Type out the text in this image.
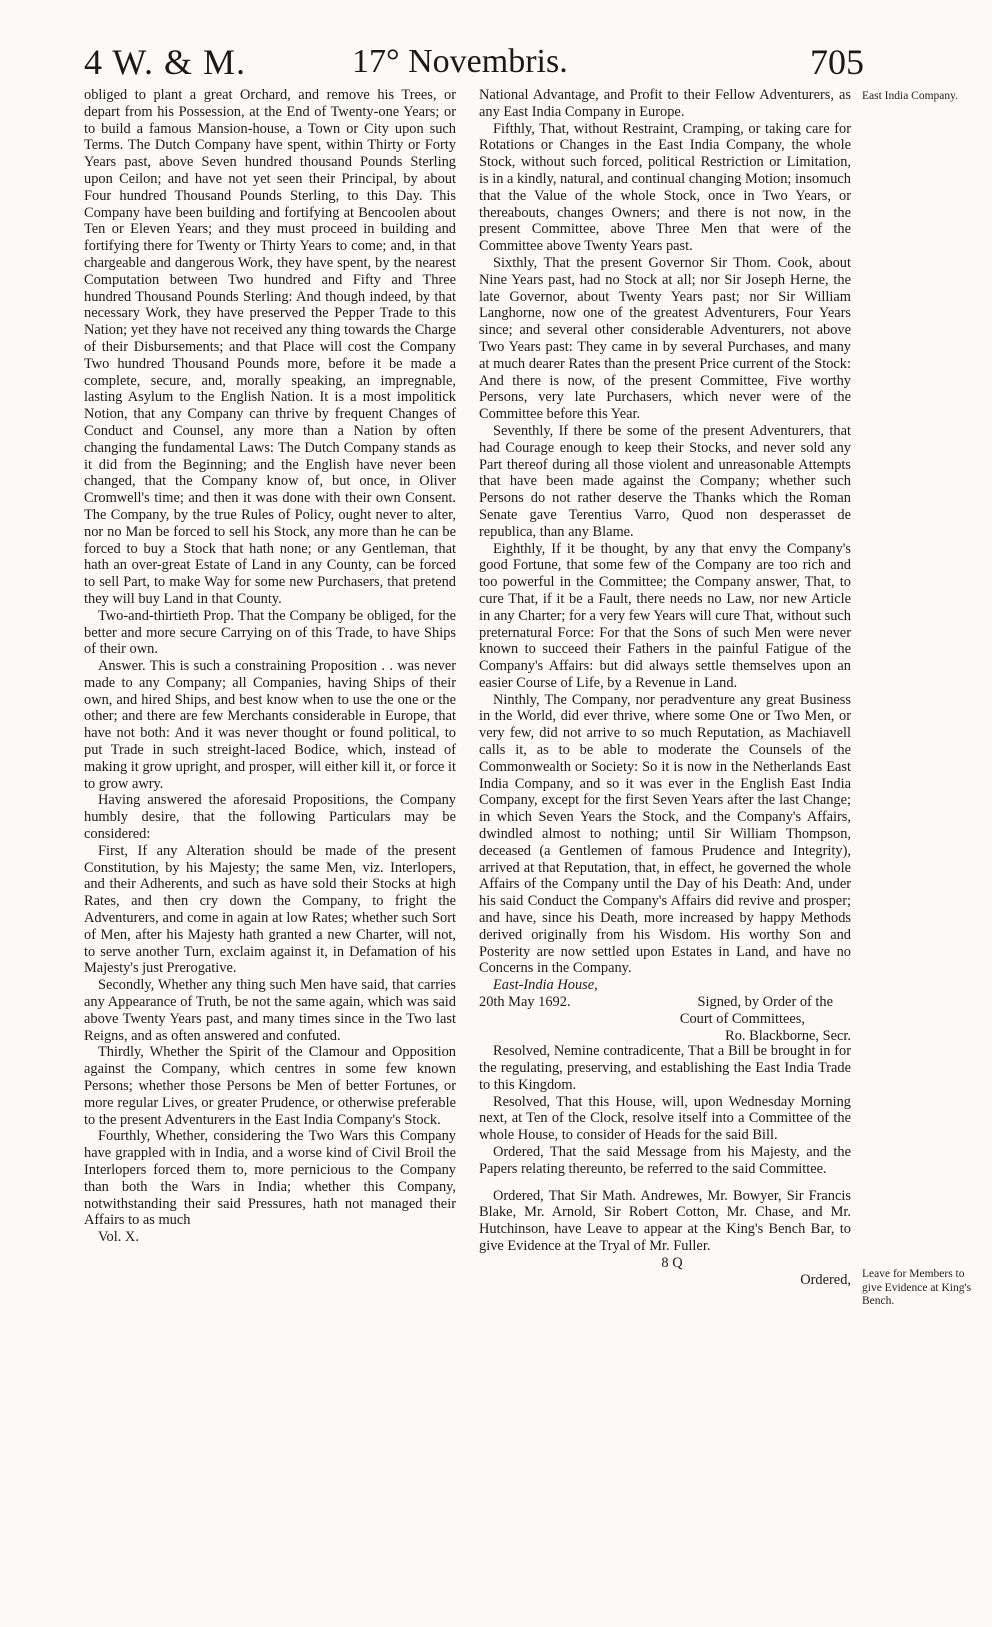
4 W. & M.	17° Novembris.	705
East India Company.
Leave for Members to give Evidence at King's Bench.

obliged to plant a great Orchard, and remove his Trees, or depart from his Possession, at the End of Twenty-one Years; or to build a famous Mansion-house, a Town or City upon such Terms. The Dutch Company have spent, within Thirty or Forty Years past, above Seven hundred thousand Pounds Sterling upon Ceilon; and have not yet seen their Principal, by about Four hundred Thousand Pounds Sterling, to this Day. This Company have been building and fortifying at Bencoolen about Ten or Eleven Years; and they must proceed in building and fortifying there for Twenty or Thirty Years to come; and, in that chargeable and dangerous Work, they have spent, by the nearest Computation between Two hundred and Fifty and Three hundred Thousand Pounds Sterling: And though indeed, by that necessary Work, they have preserved the Pepper Trade to this Nation; yet they have not received any thing towards the Charge of their Disbursements; and that Place will cost the Company Two hundred Thousand Pounds more, before it be made a complete, secure, and, morally speaking, an impregnable, lasting Asylum to the English Nation. It is a most impolitick Notion, that any Company can thrive by frequent Changes of Conduct and Counsel, any more than a Nation by often changing the fundamental Laws: The Dutch Company stands as it did from the Beginning; and the English have never been changed, that the Company know of, but once, in Oliver Cromwell's time; and then it was done with their own Consent. The Company, by the true Rules of Policy, ought never to alter, nor no Man be forced to sell his Stock, any more than he can be forced to buy a Stock that hath none; or any Gentleman, that hath an over-great Estate of Land in any County, can be forced to sell Part, to make Way for some new Purchasers, that pretend they will buy Land in that County.

Two-and-thirtieth Prop. That the Company be obliged, for the better and more secure Carrying on of this Trade, to have Ships of their own.

Answer. This is such a constraining Proposition . . was never made to any Company; all Companies, having Ships of their own, and hired Ships, and best know when to use the one or the other; and there are few Merchants considerable in Europe, that have not both: And it was never thought or found political, to put Trade in such streight-laced Bodice, which, instead of making it grow upright, and prosper, will either kill it, or force it to grow awry.

Having answered the aforesaid Propositions, the Company humbly desire, that the following Particulars may be considered:

First, If any Alteration should be made of the present Constitution, by his Majesty; the same Men, viz. Interlopers, and their Adherents, and such as have sold their Stocks at high Rates, and then cry down the Company, to fright the Adventurers, and come in again at low Rates; whether such Sort of Men, after his Majesty hath granted a new Charter, will not, to serve another Turn, exclaim against it, in Defamation of his Majesty's just Prerogative.

Secondly, Whether any thing such Men have said, that carries any Appearance of Truth, be not the same again, which was said above Twenty Years past, and many times since in the Two last Reigns, and as often answered and confuted.

Thirdly, Whether the Spirit of the Clamour and Opposition against the Company, which centres in some few known Persons; whether those Persons be Men of better Fortunes, or more regular Lives, or greater Prudence, or otherwise preferable to the present Adventurers in the East India Company's Stock.

Fourthly, Whether, considering the Two Wars this Company have grappled with in India, and a worse kind of Civil Broil the Interlopers forced them to, more pernicious to the Company than both the Wars in India; whether this Company, notwithstanding their said Pressures, hath not managed their Affairs to as much

Vol. X.

National Advantage, and Profit to their Fellow Adventurers, as any East India Company in Europe.

Fifthly, That, without Restraint, Cramping, or taking care for Rotations or Changes in the East India Company, the whole Stock, without such forced, political Restriction or Limitation, is in a kindly, natural, and continual changing Motion; insomuch that the Value of the whole Stock, once in Two Years, or thereabouts, changes Owners; and there is not now, in the present Committee, above Three Men that were of the Committee above Twenty Years past.

Sixthly, That the present Governor Sir Thom. Cook, about Nine Years past, had no Stock at all; nor Sir Joseph Herne, the late Governor, about Twenty Years past; nor Sir William Langhorne, now one of the greatest Adventurers, Four Years since; and several other considerable Adventurers, not above Two Years past: They came in by several Purchases, and many at much dearer Rates than the present Price current of the Stock: And there is now, of the present Committee, Five worthy Persons, very late Purchasers, which never were of the Committee before this Year.

Seventhly, If there be some of the present Adventurers, that had Courage enough to keep their Stocks, and never sold any Part thereof during all those violent and unreasonable Attempts that have been made against the Company; whether such Persons do not rather deserve the Thanks which the Roman Senate gave Terentius Varro, Quod non desperasset de republica, than any Blame.

Eighthly, If it be thought, by any that envy the Company's good Fortune, that some few of the Company are too rich and too powerful in the Committee; the Company answer, That, to cure That, if it be a Fault, there needs no Law, nor new Article in any Charter; for a very few Years will cure That, without such preternatural Force: For that the Sons of such Men were never known to succeed their Fathers in the painful Fatigue of the Company's Affairs: but did always settle themselves upon an easier Course of Life, by a Revenue in Land.

Ninthly, The Company, nor peradventure any great Business in the World, did ever thrive, where some One or Two Men, or very few, did not arrive to so much Reputation, as Machiavell calls it, as to be able to moderate the Counsels of the Commonwealth or Society: So it is now in the Netherlands East India Company, and so it was ever in the English East India Company, except for the first Seven Years after the last Change; in which Seven Years the Stock, and the Company's Affairs, dwindled almost to nothing; until Sir William Thompson, deceased (a Gentlemen of famous Prudence and Integrity), arrived at that Reputation, that, in effect, he governed the whole Affairs of the Company until the Day of his Death: And, under his said Conduct the Company's Affairs did revive and prosper; and have, since his Death, more increased by happy Methods derived originally from his Wisdom. His worthy Son and Posterity are now settled upon Estates in Land, and have no Concerns in the Company.

East-India House,
20th May 1692.	Signed, by Order of the
Court of Committees,
Ro. Blackborne, Secr.

Resolved, Nemine contradicente, That a Bill be brought in for the regulating, preserving, and establishing the East India Trade to this Kingdom.

Resolved, That this House, will, upon Wednesday Morning next, at Ten of the Clock, resolve itself into a Committee of the whole House, to consider of Heads for the said Bill.

Ordered, That the said Message from his Majesty, and the Papers relating thereunto, be referred to the said Committee.

Ordered, That Sir Math. Andrewes, Mr. Bowyer, Sir Francis Blake, Mr. Arnold, Sir Robert Cotton, Mr. Chase, and Mr. Hutchinson, have Leave to appear at the King's Bench Bar, to give Evidence at the Tryal of Mr. Fuller.

8 Q

Ordered,
